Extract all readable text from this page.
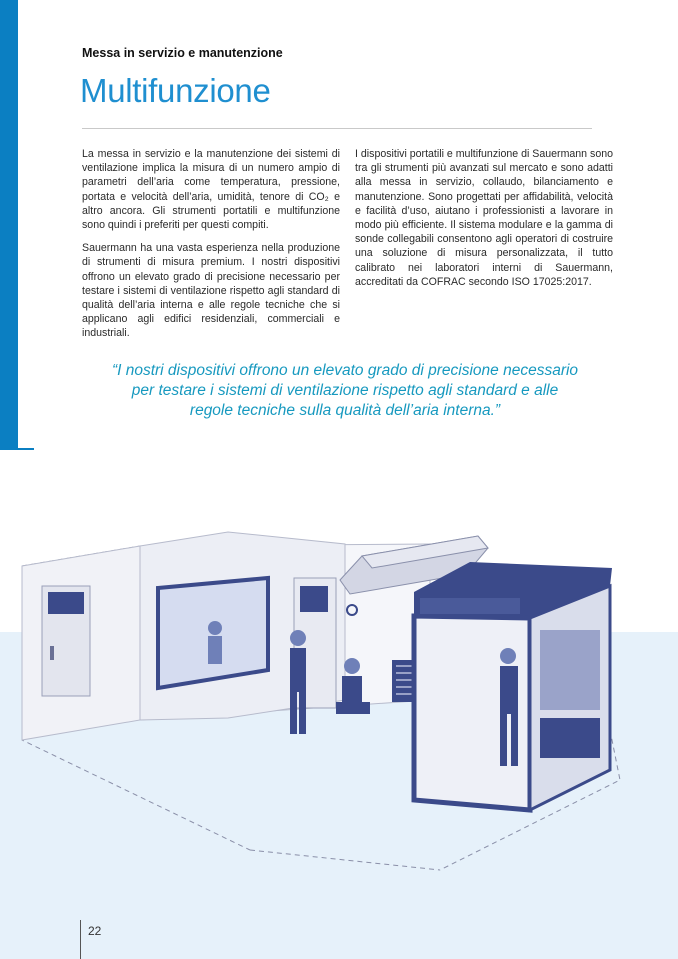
Messa in servizio e manutenzione
Multifunzione

La messa in servizio e la manutenzione dei sistemi di ventilazione implica la misura di un numero ampio di parametri dell’aria come temperatura, pressione, portata e velocità dell’aria, umidità, tenore di CO₂ e altro ancora. Gli strumenti portatili e multifunzione sono quindi i preferiti per questi compiti.

Sauermann ha una vasta esperienza nella produzione di strumenti di misura premium. I nostri dispositivi offrono un elevato grado di precisione necessario per testare i sistemi di ventilazione rispetto agli standard di qualità dell’aria interna e alle regole tecniche che si applicano agli edifici residenziali, commerciali e industriali.

I dispositivi portatili e multifunzione di Sauermann sono tra gli strumenti più avanzati sul mercato e sono adatti alla messa in servizio, collaudo, bilanciamento e manutenzione. Sono progettati per affidabilità, velocità e facilità d’uso, aiutano i professionisti a lavorare in modo più efficiente. Il sistema modulare e la gamma di sonde collegabili consentono agli operatori di costruire una soluzione di misura personalizzata, il tutto calibrato nei laboratori interni di Sauermann, accreditati da COFRAC secondo ISO 17025:2017.

“I nostri dispositivi offrono un elevato grado di precisione necessario per testare i sistemi di ventilazione rispetto agli standard e alle regole tecniche sulla qualità dell’aria interna.”
22
